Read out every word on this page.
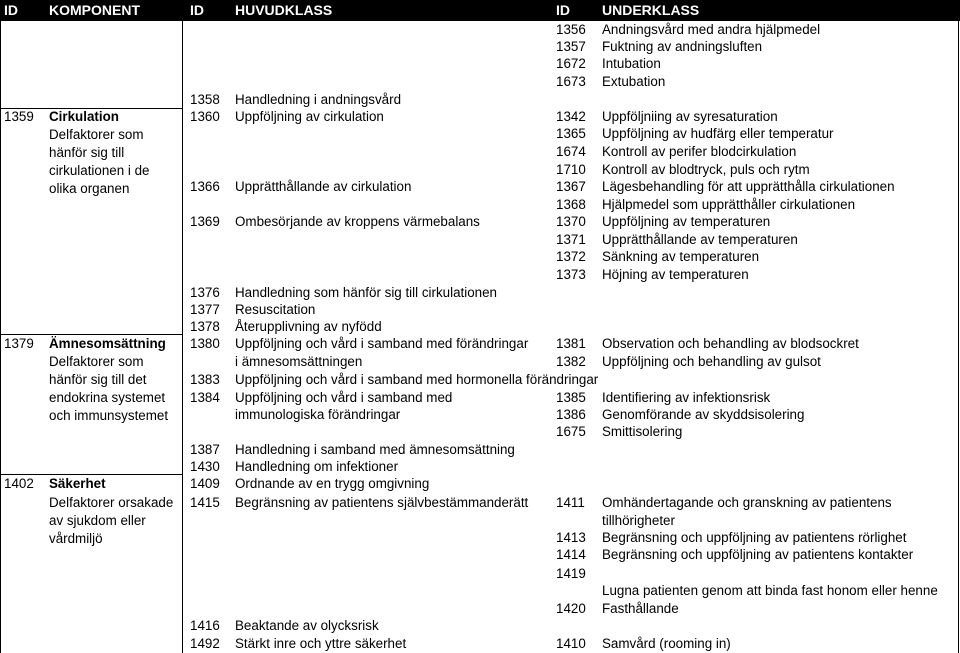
ID KOMPONENT	ID HUVUDKLASS	ID UNDERKLASS
1359 Cirkulation
Delfaktorer som
hänför sig till
cirkulationen i de
olika organen
1379 Ämnesomsättning
Delfaktorer som
hänför sig till det
endokrina systemet
och immunsystemet
1402 Säkerhet
Delfaktorer orsakade
av sjukdom eller
vårdmiljö
1358 Handledning i andningsvård
1360 Uppföljning av cirkulation
1366 Upprätthållande av cirkulation
1369 Ombesörjande av kroppens värmebalans
1376 Handledning som hänför sig till cirkulationen
1377 Resuscitation
1378 Återupplivning av nyfödd
1380 Uppföljning och vård i samband med förändringar
i ämnesomsättningen
1383 Uppföljning och vård i samband med hormonella förändringar
1384 Uppföljning och vård i samband med
immunologiska förändringar
1387 Handledning i samband med ämnesomsättning
1430 Handledning om infektioner
1409 Ordnande av en trygg omgivning
1415 Begränsning av patientens självbestämmanderätt
1416 Beaktande av olycksrisk
1492 Stärkt inre och yttre säkerhet
1356 Andningsvård med andra hjälpmedel
1357 Fuktning av andningsluften
1672 Intubation
1673 Extubation
1342 Uppföljniing av syresaturation
1365 Uppföljning av hudfärg eller temperatur
1674 Kontroll av perifer blodcirkulation
1710 Kontroll av blodtryck, puls och rytm
1367 Lägesbehandling för att upprätthålla cirkulationen
1368 Hjälpmedel som upprätthåller cirkulationen
1370 Uppföljning av temperaturen
1371 Upprätthållande av temperaturen
1372 Sänkning av temperaturen
1373 Höjning av temperaturen
1381 Observation och behandling av blodsockret
1382 Uppföljning och behandling av gulsot
1385 Identifiering av infektionsrisk
1386 Genomförande av skyddsisolering
1675 Smittisolering
1411 Omhändertagande och granskning av patientens
tillhörigheter
1413 Begränsning och uppföljning av patientens rörlighet
1414 Begränsning och uppföljning av patientens kontakter
1419
Lugna patienten genom att binda fast honom eller henne
1420 Fasthållande
1410 Samvård (rooming in)
